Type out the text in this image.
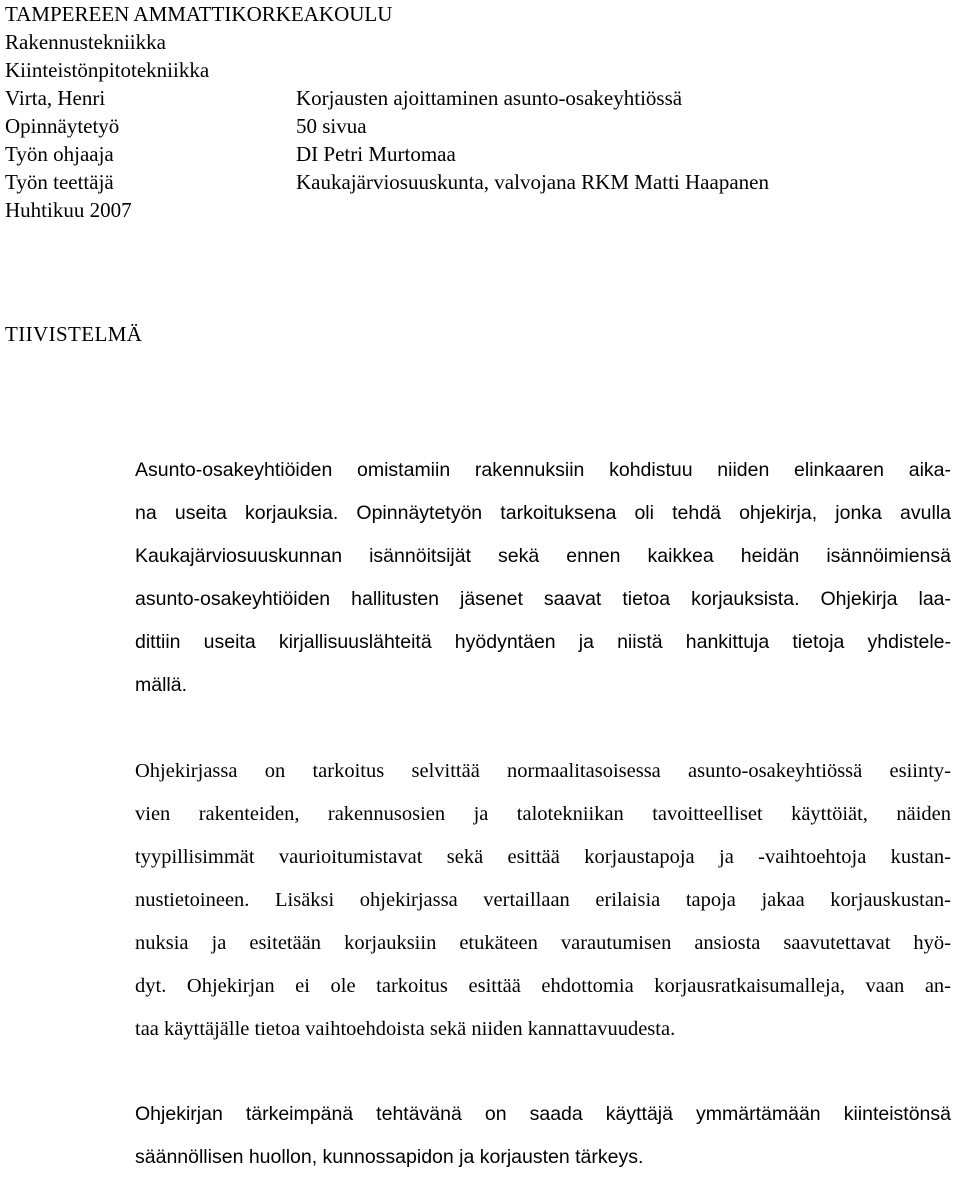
TAMPEREEN AMMATTIKORKEAKOULU
Rakennustekniikka
Kiinteistönpitotekniikka
Virta, Henri	Korjausten ajoittaminen asunto-osakeyhtiössä
Opinnäytetyö	50 sivua
Työn ohjaaja	DI Petri Murtomaa
Työn teettäjä	Kaukajärviosuuskunta, valvojana RKM Matti Haapanen
Huhtikuu 2007
TIIVISTELMÄ
Asunto-osakeyhtiöiden omistamiin rakennuksiin kohdistuu niiden elinkaaren aika-
na useita korjauksia. Opinnäytetyön tarkoituksena oli tehdä ohjekirja, jonka avulla
Kaukajärviosuuskunnan isännöitsijät sekä ennen kaikkea heidän isännöimiensä
asunto-osakeyhtiöiden hallitusten jäsenet saavat tietoa korjauksista. Ohjekirja laa-
dittiin useita kirjallisuuslähteitä hyödyntäen ja niistä hankittuja tietoja yhdistele-
mällä.
Ohjekirjassa on tarkoitus selvittää normaalitasoisessa asunto-osakeyhtiössä esiinty-
vien rakenteiden, rakennusosien ja talotekniikan tavoitteelliset käyttöiät, näiden
tyypillisimmät vaurioitumistavat sekä esittää korjaustapoja ja -vaihtoehtoja kustan-
nustietoineen. Lisäksi ohjekirjassa vertaillaan erilaisia tapoja jakaa korjauskustan-
nuksia ja esitetään korjauksiin etukäteen varautumisen ansiosta saavutettavat hyö-
dyt. Ohjekirjan ei ole tarkoitus esittää ehdottomia korjausratkaisumalleja, vaan an-
taa käyttäjälle tietoa vaihtoehdoista sekä niiden kannattavuudesta.
Ohjekirjan tärkeimpänä tehtävänä on saada käyttäjä ymmärtämään kiinteistönsä
säännöllisen huollon, kunnossapidon ja korjausten tärkeys.
